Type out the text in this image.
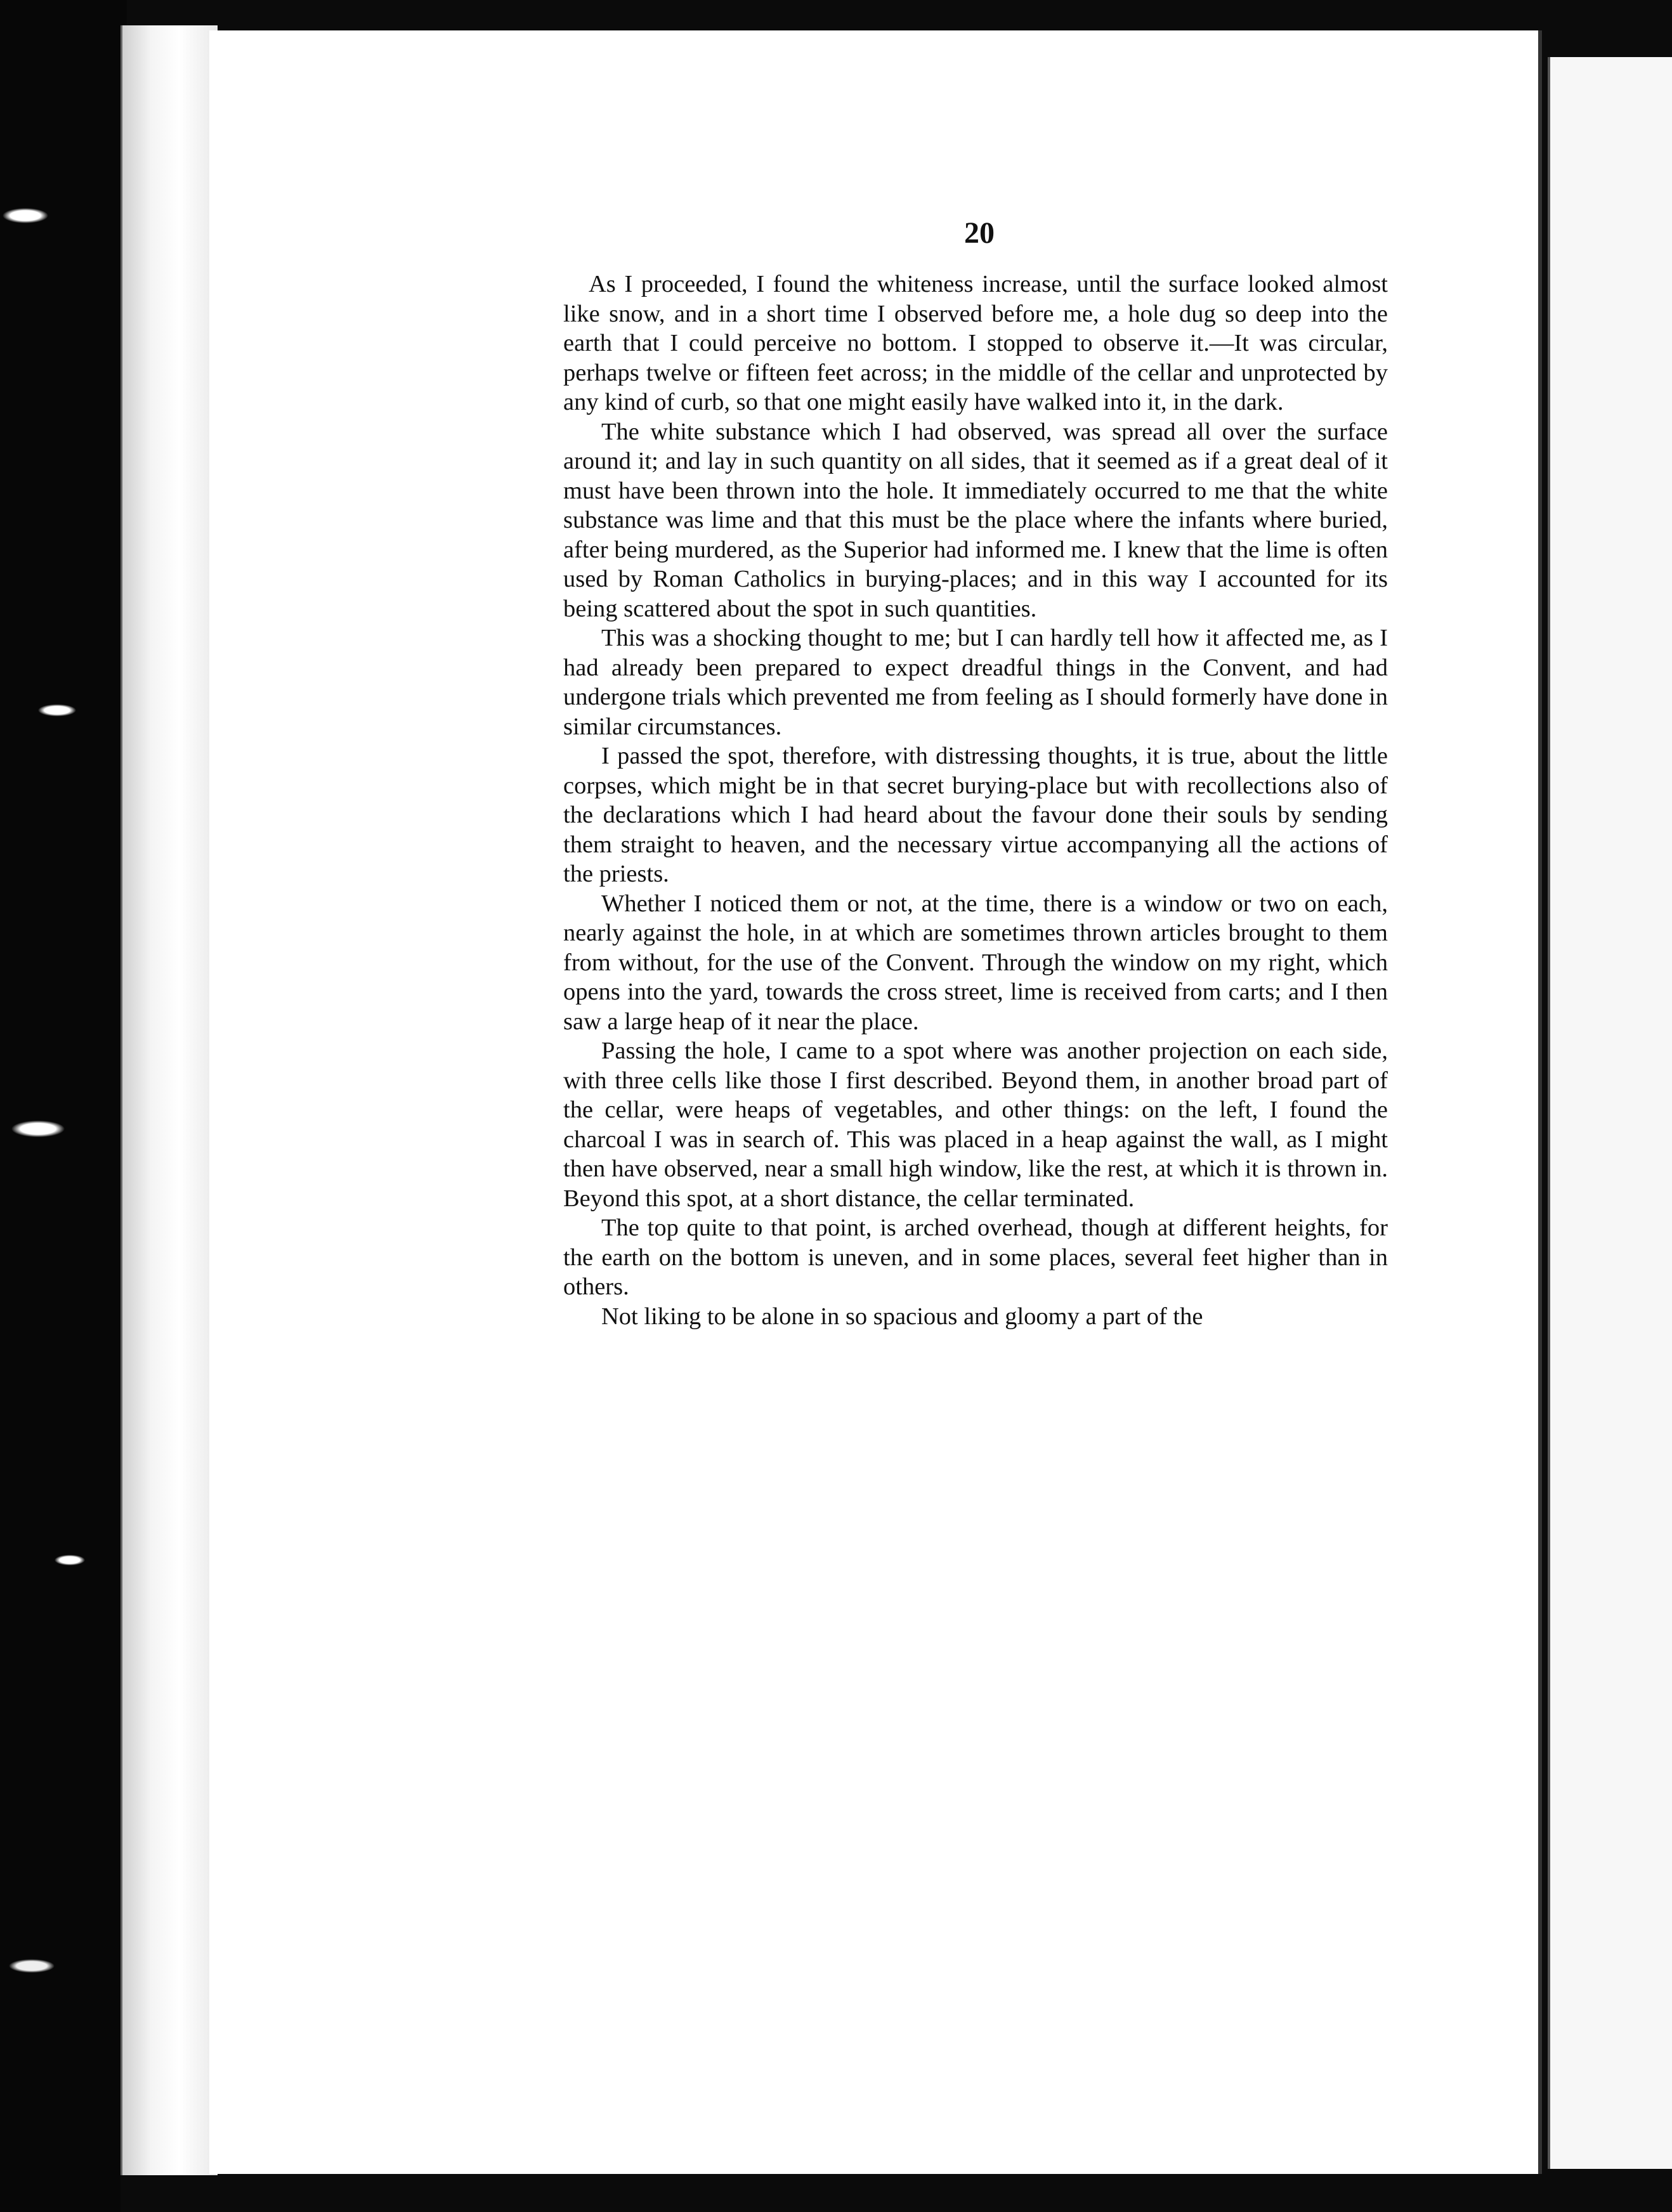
20

As I proceeded, I found the whiteness increase, until the surface looked almost like snow, and in a short time I observed before me, a hole dug so deep into the earth that I could perceive no bottom. I stopped to observe it.—It was circular, perhaps twelve or fifteen feet across; in the middle of the cellar and unprotected by any kind of curb, so that one might easily have walked into it, in the dark.

The white substance which I had observed, was spread all over the surface around it; and lay in such quantity on all sides, that it seemed as if a great deal of it must have been thrown into the hole. It immediately occurred to me that the white substance was lime and that this must be the place where the infants where buried, after being murdered, as the Superior had informed me. I knew that the lime is often used by Roman Catholics in burying-places; and in this way I accounted for its being scattered about the spot in such quantities.

This was a shocking thought to me; but I can hardly tell how it affected me, as I had already been prepared to expect dreadful things in the Convent, and had undergone trials which prevented me from feeling as I should formerly have done in similar circumstances.

I passed the spot, therefore, with distressing thoughts, it is true, about the little corpses, which might be in that secret burying-place but with recollections also of the declarations which I had heard about the favour done their souls by sending them straight to heaven, and the necessary virtue accompanying all the actions of the priests.

Whether I noticed them or not, at the time, there is a window or two on each, nearly against the hole, in at which are sometimes thrown articles brought to them from without, for the use of the Convent. Through the window on my right, which opens into the yard, towards the cross street, lime is received from carts; and I then saw a large heap of it near the place.

Passing the hole, I came to a spot where was another projection on each side, with three cells like those I first described. Beyond them, in another broad part of the cellar, were heaps of vegetables, and other things: on the left, I found the charcoal I was in search of. This was placed in a heap against the wall, as I might then have observed, near a small high window, like the rest, at which it is thrown in. Beyond this spot, at a short distance, the cellar terminated.

The top quite to that point, is arched overhead, though at different heights, for the earth on the bottom is uneven, and in some places, several feet higher than in others.

Not liking to be alone in so spacious and gloomy a part of the
